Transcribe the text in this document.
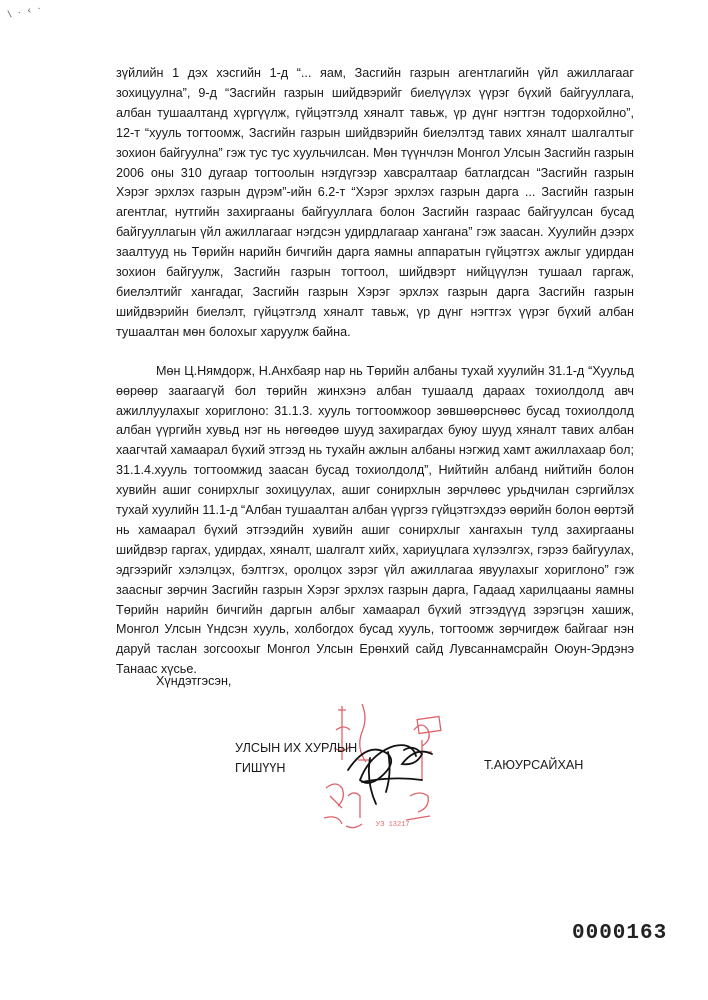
\ · ‹ ·

зүйлийн 1 дэх хэсгийн 1-д “... яам, Засгийн газрын агентлагийн үйл ажиллагааг зохицуулна”, 9-д “Засгийн газрын шийдвэрийг биелүүлэх үүрэг бүхий байгууллага, албан тушаалтанд хүргүүлж, гүйцэтгэлд хяналт тавьж, үр дүнг нэгтгэн тодорхойлно”, 12-т “хууль тогтоомж, Засгийн газрын шийдвэрийн биелэлтэд тавих хяналт шалгалтыг зохион байгуулна” гэж тус тус хуульчилсан. Мөн түүнчлэн Монгол Улсын Засгийн газрын 2006 оны 310 дугаар тогтоолын нэгдүгээр хавсралтаар батлагдсан “Засгийн газрын Хэрэг эрхлэх газрын дүрэм”-ийн 6.2-т “Хэрэг эрхлэх газрын дарга ... Засгийн газрын агентлаг, нутгийн захиргааны байгууллага болон Засгийн газраас байгуулсан бусад байгууллагын үйл ажиллагааг нэгдсэн удирдлагаар хангана” гэж заасан. Хуулийн дээрх заалтууд нь Төрийн нарийн бичгийн дарга яамны аппаратын гүйцэтгэх ажлыг удирдан зохион байгуулж, Засгийн газрын тогтоол, шийдвэрт нийцүүлэн тушаал гаргаж, биелэлтийг хангадаг, Засгийн газрын Хэрэг эрхлэх газрын дарга Засгийн газрын шийдвэрийн биелэлт, гүйцэтгэлд хяналт тавьж, үр дүнг нэгтгэх үүрэг бүхий албан тушаалтан мөн болохыг харуулж байна.

Мөн Ц.Нямдорж, Н.Анхбаяр нар нь Төрийн албаны тухай хуулийн 31.1-д “Хуульд өөрөөр заагаагүй бол төрийн жинхэнэ албан тушаалд дараах тохиолдолд авч ажиллуулахыг хориглоно: 31.1.3. хууль тогтоомжоор зөвшөөрснөөс бусад тохиолдолд албан үүргийн хувьд нэг нь нөгөөдөө шууд захирагдах буюу шууд хяналт тавих албан хаагчтай хамаарал бүхий этгээд нь тухайн ажлын албаны нэгжид хамт ажиллахаар бол; 31.1.4.хууль тогтоомжид заасан бусад тохиолдолд”, Нийтийн албанд нийтийн болон хувийн ашиг сонирхлыг зохицуулах, ашиг сонирхлын зөрчлөөс урьдчилан сэргийлэх тухай хуулийн 11.1-д “Албан тушаалтан албан үүргээ гүйцэтгэхдээ өөрийн болон өөртэй нь хамаарал бүхий этгээдийн хувийн ашиг сонирхлыг хангахын тулд захиргааны шийдвэр гаргах, удирдах, хяналт, шалгалт хийх, хариуцлага хүлээлгэх, гэрээ байгуулах, эдгээрийг хэлэлцэх, бэлтгэх, оролцох зэрэг үйл ажиллагаа явуулахыг хориглоно” гэж заасныг зөрчин Засгийн газрын Хэрэг эрхлэх газрын дарга, Гадаад харилцааны яамны Төрийн нарийн бичгийн даргын албыг хамаарал бүхий этгээдүүд зэрэгцэн хашиж, Монгол Улсын Үндсэн хууль, холбогдох бусад хууль, тогтоомж зөрчигдөж байгааг нэн даруй таслан зогсоохыг Монгол Улсын Ерөнхий сайд Лувсаннамсрайн Оюун-Эрдэнэ Танаас хүсье.

Хүндэтгэсэн,
УЗ 13217
УЛСЫН ИХ ХУРЛЫН
ГИШҮҮН	Т.АЮУРСАЙХАН
0000163
